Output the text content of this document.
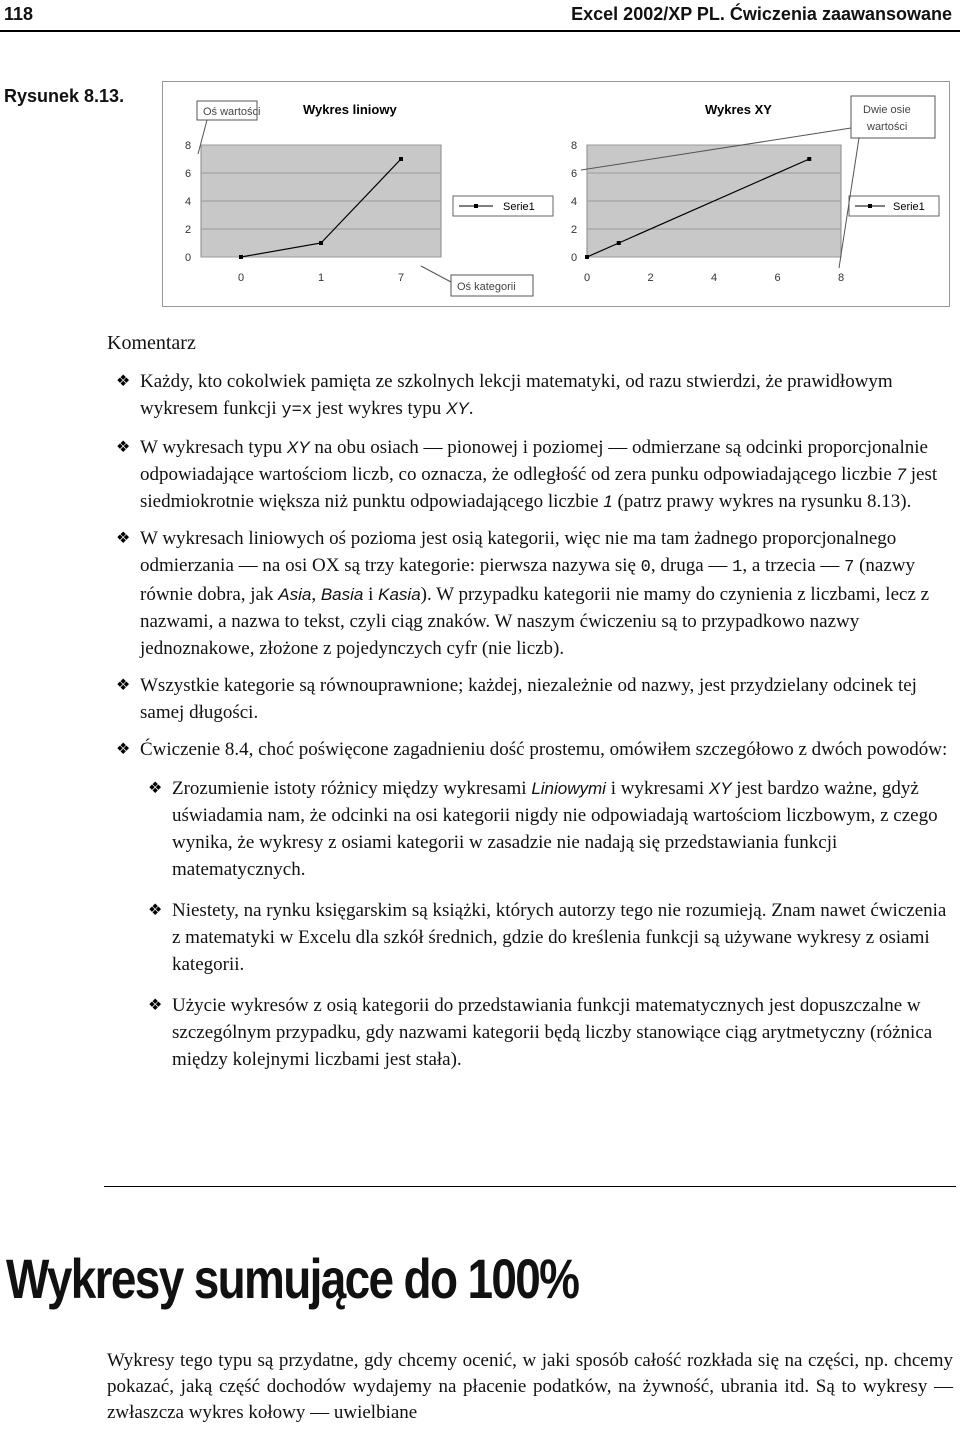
118	Excel 2002/XP PL. Ćwiczenia zaawansowane
Rysunek 8.13.
Wykres liniowy
0
2
4
6
8
0	1	7
Serie1
Wykres XY
0
2
4
6
8
0	2	4	6	8
Serie1
Oś wartości
Oś kategorii
Dwie osie
wartości
Komentarz
❖ Każdy, kto cokolwiek pamięta ze szkolnych lekcji matematyki, od razu stwierdzi, że prawidłowym wykresem funkcji y=x jest wykres typu XY.
❖ W wykresach typu XY na obu osiach — pionowej i poziomej — odmierzane są odcinki proporcjonalnie odpowiadające wartościom liczb, co oznacza, że odległość od zera punku odpowiadającego liczbie 7 jest siedmiokrotnie większa niż punktu odpowiadającego liczbie 1 (patrz prawy wykres na rysunku 8.13).
❖ W wykresach liniowych oś pozioma jest osią kategorii, więc nie ma tam żadnego proporcjonalnego odmierzania — na osi OX są trzy kategorie: pierwsza nazywa się 0, druga — 1, a trzecia — 7 (nazwy równie dobra, jak Asia, Basia i Kasia). W przypadku kategorii nie mamy do czynienia z liczbami, lecz z nazwami, a nazwa to tekst, czyli ciąg znaków. W naszym ćwiczeniu są to przypadkowo nazwy jednoznakowe, złożone z pojedynczych cyfr (nie liczb).
❖ Wszystkie kategorie są równouprawnione; każdej, niezależnie od nazwy, jest przydzielany odcinek tej samej długości.
❖ Ćwiczenie 8.4, choć poświęcone zagadnieniu dość prostemu, omówiłem szczegółowo z dwóch powodów:
❖ Zrozumienie istoty różnicy między wykresami Liniowymi i wykresami XY jest bardzo ważne, gdyż uświadamia nam, że odcinki na osi kategorii nigdy nie odpowiadają wartościom liczbowym, z czego wynika, że wykresy z osiami kategorii w zasadzie nie nadają się przedstawiania funkcji matematycznych.
❖ Niestety, na rynku księgarskim są książki, których autorzy tego nie rozumieją. Znam nawet ćwiczenia z matematyki w Excelu dla szkół średnich, gdzie do kreślenia funkcji są używane wykresy z osiami kategorii.
❖ Użycie wykresów z osią kategorii do przedstawiania funkcji matematycznych jest dopuszczalne w szczególnym przypadku, gdy nazwami kategorii będą liczby stanowiące ciąg arytmetyczny (różnica między kolejnymi liczbami jest stała).
Wykresy sumujące do 100%
Wykresy tego typu są przydatne, gdy chcemy ocenić, w jaki sposób całość rozkłada się na części, np. chcemy pokazać, jaką część dochodów wydajemy na płacenie podatków, na żywność, ubrania itd. Są to wykresy — zwłaszcza wykres kołowy — uwielbiane
